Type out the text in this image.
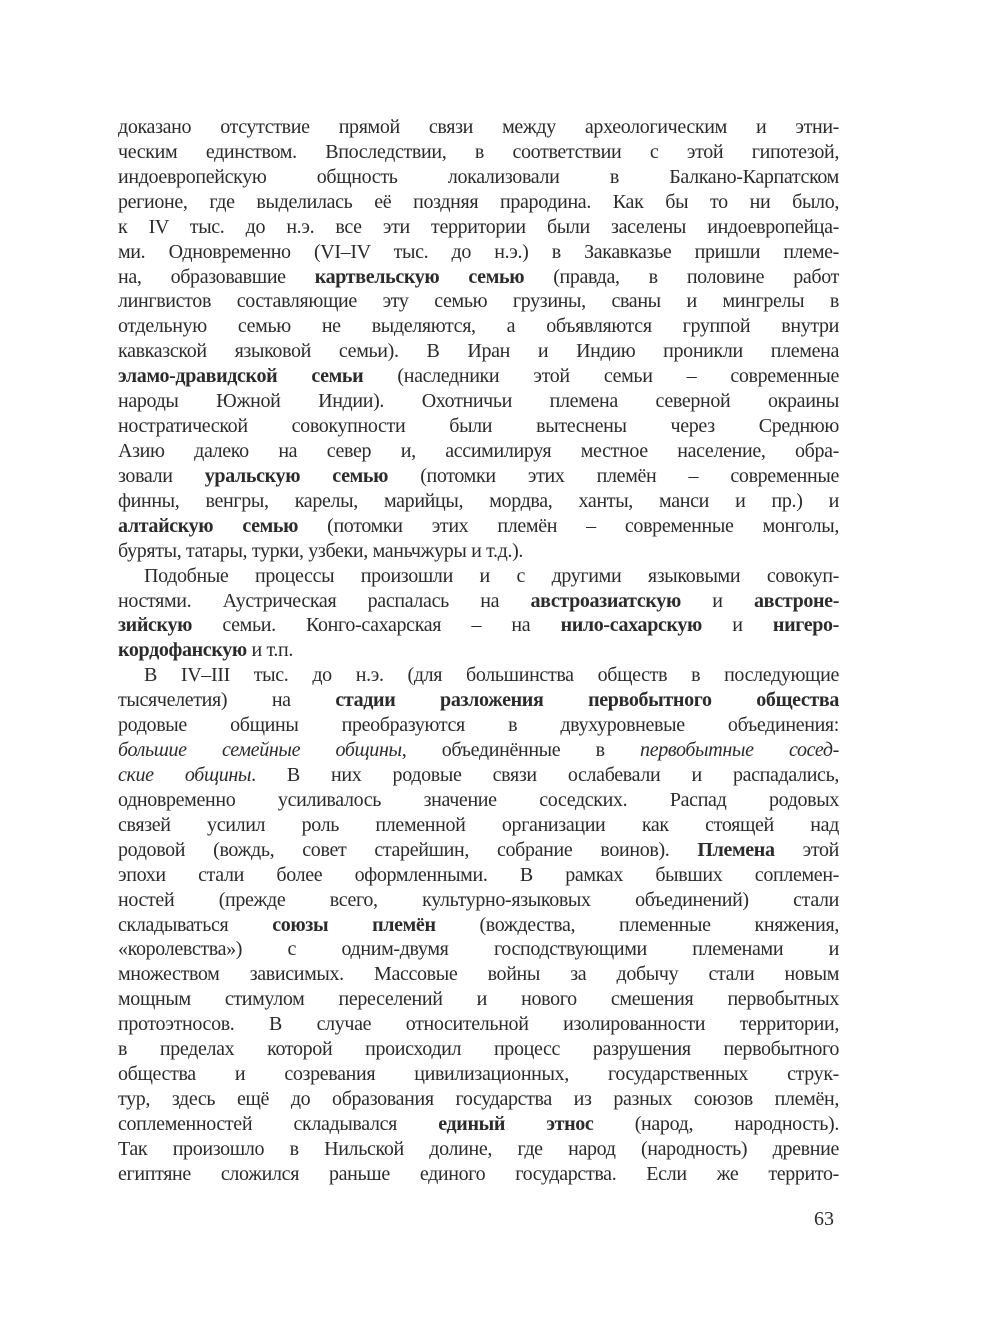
доказано отсутствие прямой связи между археологическим и этни-
ческим единством. Впоследствии, в соответствии с этой гипотезой,
индоевропейскую общность локализовали в Балкано-Карпатском
регионе, где выделилась её поздняя прародина. Как бы то ни было,
к IV тыс. до н.э. все эти территории были заселены индоевропейца-
ми. Одновременно (VI–IV тыс. до н.э.) в Закавказье пришли племе-
на, образовавшие картвельскую семью (правда, в половине работ
лингвистов составляющие эту семью грузины, сваны и мингрелы в
отдельную семью не выделяются, а объявляются группой внутри
кавказской языковой семьи). В Иран и Индию проникли племена
эламо-дравидской семьи (наследники этой семьи – современные
народы Южной Индии). Охотничьи племена северной окраины
ностратической совокупности были вытеснены через Среднюю
Азию далеко на север и, ассимилируя местное население, обра-
зовали уральскую семью (потомки этих племён – современные
финны, венгры, карелы, марийцы, мордва, ханты, манси и пр.) и
алтайскую семью (потомки этих племён – современные монголы,
буряты, татары, турки, узбеки, маньчжуры и т.д.).
Подобные процессы произошли и с другими языковыми совокуп-
ностями. Аустрическая распалась на австроазиатскую и австроне-
зийскую семьи. Конго-сахарская – на нило-сахарскую и нигеро-
кордофанскую и т.п.
В IV–III тыс. до н.э. (для большинства обществ в последующие
тысячелетия) на стадии разложения первобытного общества
родовые общины преобразуются в двухуровневые объединения:
большие семейные общины, объединённые в первобытные сосед-
ские общины. В них родовые связи ослабевали и распадались,
одновременно усиливалось значение соседских. Распад родовых
связей усилил роль племенной организации как стоящей над
родовой (вождь, совет старейшин, собрание воинов). Племена этой
эпохи стали более оформленными. В рамках бывших соплемен-
ностей (прежде всего, культурно-языковых объединений) стали
складываться союзы племён (вождества, племенные княжения,
«королевства») с одним-двумя господствующими племенами и
множеством зависимых. Массовые войны за добычу стали новым
мощным стимулом переселений и нового смешения первобытных
протоэтносов. В случае относительной изолированности территории,
в пределах которой происходил процесс разрушения первобытного
общества и созревания цивилизационных, государственных струк-
тур, здесь ещё до образования государства из разных союзов племён,
соплеменностей складывался единый этнос (народ, народность).
Так произошло в Нильской долине, где народ (народность) древние
египтяне сложился раньше единого государства. Если же террито-
63
